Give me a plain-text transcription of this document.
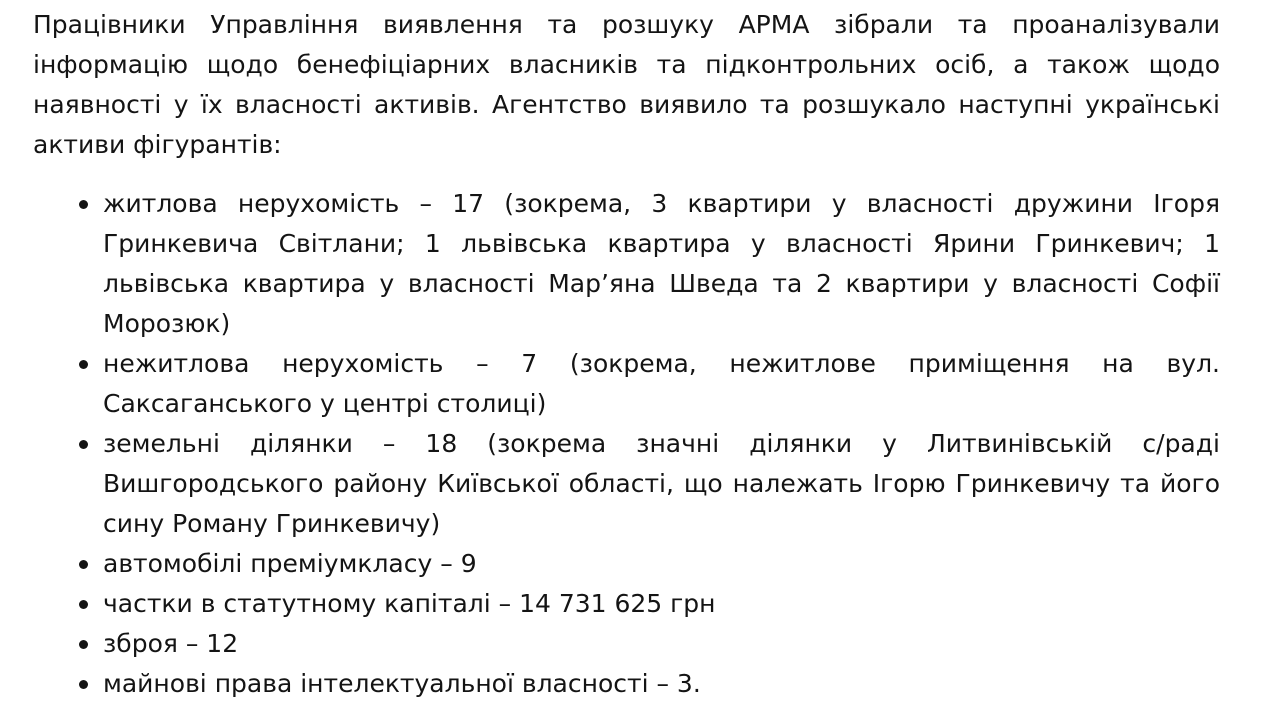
Працівники Управління виявлення та розшуку АРМА зібрали та проаналізували інформацію щодо бенефіціарних власників та підконтрольних осіб, а також щодо наявності у їх власності активів. Агентство виявило та розшукало наступні українські активи фігурантів:

житлова нерухомість – 17 (зокрема, 3 квартири у власності дружини Ігоря Гринкевича Світлани; 1 львівська квартира у власності Ярини Гринкевич; 1 львівська квартира у власності Мар’яна Шведа та 2 квартири у власності Софії Морозюк)
нежитлова нерухомість – 7 (зокрема, нежитлове приміщення на вул. Саксаганського у центрі столиці)
земельні ділянки – 18 (зокрема значні ділянки у Литвинівській с/раді Вишгородського району Київської області, що належать Ігорю Гринкевичу та його сину Роману Гринкевичу)
автомобілі преміумкласу – 9
частки в статутному капіталі – 14 731 625 грн
зброя – 12
майнові права інтелектуальної власності – 3.
